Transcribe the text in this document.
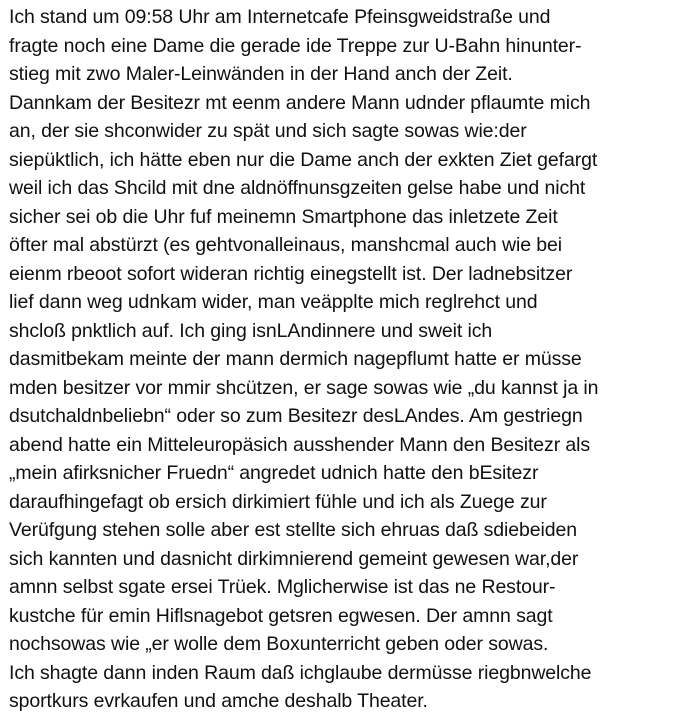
Ich stand um 09:58 Uhr am Internetcafe Pfeinsgweidstraße und
fragte noch eine Dame die gerade ide Treppe zur U-Bahn hinunter-
stieg mit zwo Maler-Leinwänden in der Hand anch der Zeit.
Dannkam der Besitezr mt eenm andere Mann udnder pflaumte mich
an, der sie shconwider zu spät und sich sagte sowas wie:der
siepüktlich, ich hätte eben nur die Dame anch der exkten Ziet gefargt
weil ich das Shcild mit dne aldnöffnunsgzeiten gelse habe und nicht
sicher sei ob die Uhr fuf meinemn Smartphone das inletzete Zeit
öfter mal abstürzt (es gehtvonalleinaus, manshcmal auch wie bei
eienm rbeoot sofort wideran richtig einegstellt ist. Der ladnebsitzer
lief dann weg udnkam wider, man veäpplte mich reglrehct und
shcloß pnktlich auf. Ich ging isnLAndinnere und sweit ich
dasmitbekam meinte der mann dermich nagepflumt hatte er müsse
mden besitzer vor mmir shcützen, er sage sowas wie „du kannst ja in
dsutchaldnbeliebn“ oder so zum Besitezr desLAndes. Am gestriegn
abend hatte ein Mitteleuropäsich ausshender Mann den Besitezr als
„mein afirksnicher Fruedn“ angredet udnich hatte den bEsitezr
daraufhingefagt ob ersich dirkimiert fühle und ich als Zuege zur
Verüfgung stehen solle aber est stellte sich ehruas daß sdiebeiden
sich kannten und dasnicht dirkimnierend gemeint gewesen war,der
amnn selbst sgate ersei Trüek. Mglicherwise ist das ne Restour-
kustche für emin Hiflsnagebot getsren egwesen. Der amnn sagt
nochsowas wie „er wolle dem Boxunterricht geben oder sowas.
Ich shagte dann inden Raum daß ichglaube dermüsse riegbnwelche
sportkurs evrkaufen und amche deshalb Theater.
